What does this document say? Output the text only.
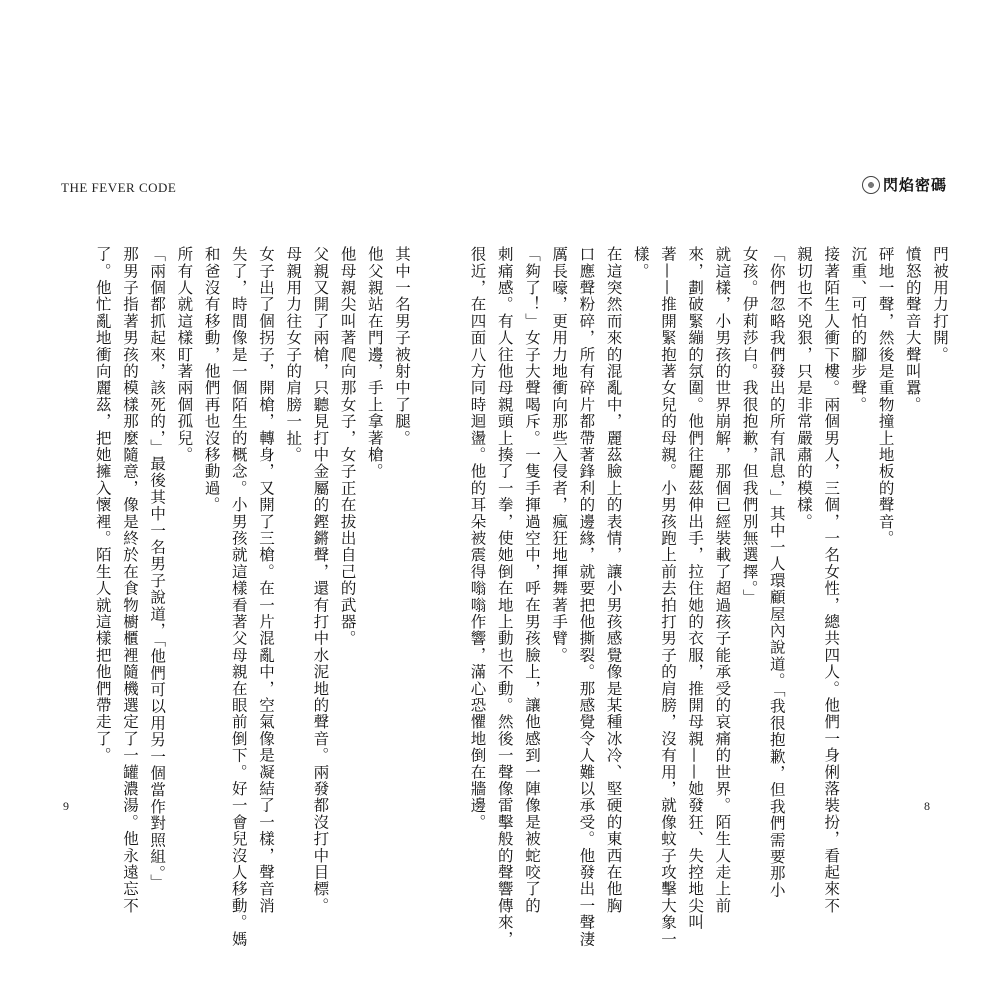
THE FEVER CODE	閃焰密碼
其中一名男子被射中了腿。
他父親站在門邊，手上拿著槍。
他母親尖叫著爬向那女子，女子正在拔出自己的武器。
父親又開了兩槍，只聽見打中金屬的鏗鏘聲，還有打中水泥地的聲音。兩發都沒打中目標。
母親用力往女子的肩膀一扯。
女子出了個拐子，開槍，轉身，又開了三槍。在一片混亂中，空氣像是凝結了一樣，聲音消
失了，時間像是一個陌生的概念。小男孩就這樣看著父母親在眼前倒下。好一會兒沒人移動。媽
和爸沒有移動，他們再也沒移動過。
所有人就這樣盯著兩個孤兒。
「兩個都抓起來，該死的，」最後其中一名男子說道，「他們可以用另一個當作對照組。」
那男子指著男孩的模樣那麼隨意，像是終於在食物櫥櫃裡隨機選定了一罐濃湯。他永遠忘不
了。他忙亂地衝向麗茲，把她擁入懷裡。陌生人就這樣把他們帶走了。	門被用力打開。
憤怒的聲音大聲叫囂。
砰地一聲，然後是重物撞上地板的聲音。
沉重、可怕的腳步聲。
接著陌生人衝下樓。兩個男人，三個，一名女性，總共四人。他們一身俐落裝扮，看起來不
親切也不兇狠，只是非常嚴肅的模樣。
「你們忽略我們發出的所有訊息，」其中一人環顧屋內說道。「我很抱歉，但我們需要那小
女孩。伊莉莎白。我很抱歉，但我們別無選擇。」
就這樣，小男孩的世界崩解，那個已經裝載了超過孩子能承受的哀痛的世界。陌生人走上前
來，劃破緊繃的氛圍。他們往麗茲伸出手，拉住她的衣服，推開母親——她發狂、失控地尖叫
著——推開緊抱著女兒的母親。小男孩跑上前去拍打男子的肩膀，沒有用，就像蚊子攻擊大象一
樣。
在這突然而來的混亂中，麗茲臉上的表情，讓小男孩感覺像是某種冰冷、堅硬的東西在他胸
口應聲粉碎，所有碎片都帶著鋒利的邊緣，就要把他撕裂。那感覺令人難以承受。他發出一聲淒
厲長嚎，更用力地衝向那些入侵者，瘋狂地揮舞著手臂。
「夠了！」女子大聲喝斥。一隻手揮過空中，呼在男孩臉上，讓他感到一陣像是被蛇咬了的
刺痛感。有人往他母親頭上揍了一拳，使她倒在地上動也不動。然後一聲像雷擊般的聲響傳來，
很近，在四面八方同時迴盪。他的耳朵被震得嗡嗡作響，滿心恐懼地倒在牆邊。
9	8
